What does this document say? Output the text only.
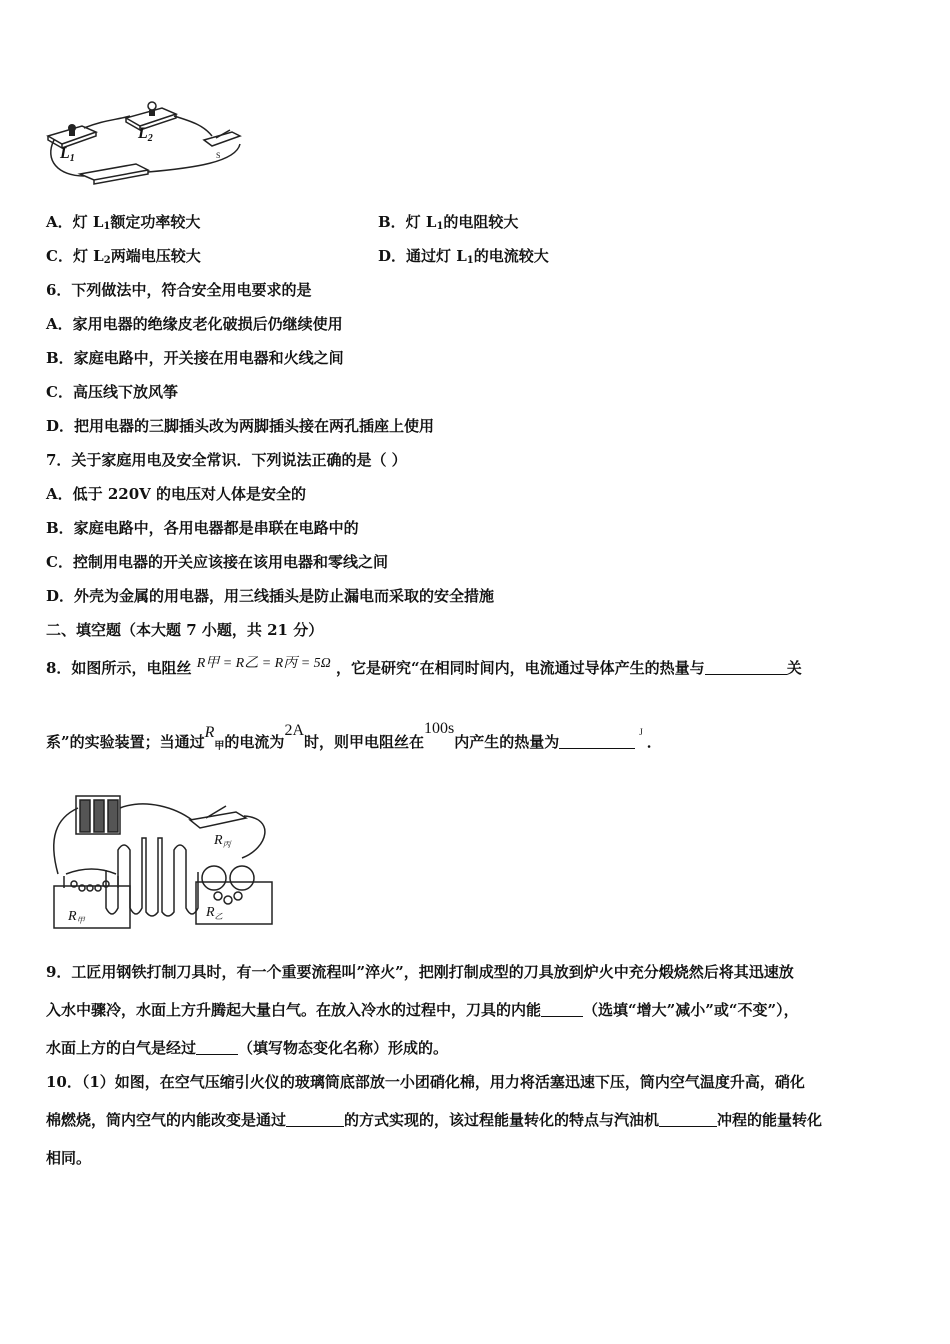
L1
L2
S
A．灯 $L_1$额定功率较大	B．灯 $L_1$的电阻较大
C．灯 $L_2$两端电压较大	D．通过灯 $L_1$的电流较大
6．下列做法中，符合安全用电要求的是
A．家用电器的绝缘皮老化破损后仍继续使用
B．家庭电路中，开关接在用电器和火线之间
C．高压线下放风筝
D．把用电器的三脚插头改为两脚插头接在两孔插座上使用
7．关于家庭用电及安全常识．下列说法正确的是（ ）
A．低于 220V 的电压对人体是安全的
B．家庭电路中，各用电器都是串联在电路中的
C．控制用电器的开关应该接在该用电器和零线之间
D．外壳为金属的用电器，用三线插头是防止漏电而采取的安全措施
二、填空题（本大题 7 小题，共 21 分）
8．如图所示，电阻丝 R甲 = R乙 = R丙 = 5Ω ，它是研究“在相同时间内，电流通过导体产生的热量与	关
系”的实验装置；当通过$R_甲$的电流为2A时，则甲电阻丝在100s内产生的热量为$^J$．
$R_丙$
$R_甲$
$R_乙$
9．工匠用钢铁打制刀具时，有一个重要流程叫”淬火”，把刚打制成型的刀具放到炉火中充分煅烧然后将其迅速放
入水中骤冷，水面上方升腾起大量白气。在放入冷水的过程中，刀具的内能	（选填“增大”减小”或“不变”），
水面上方的白气是经过	（填写物态变化名称）形成的。
10．（1）如图，在空气压缩引火仪的玻璃筒底部放一小团硝化棉，用力将活塞迅速下压，筒内空气温度升高，硝化
棉燃烧，筒内空气的内能改变是通过	的方式实现的，该过程能量转化的特点与汽油机	冲程的能量转化
相同。
